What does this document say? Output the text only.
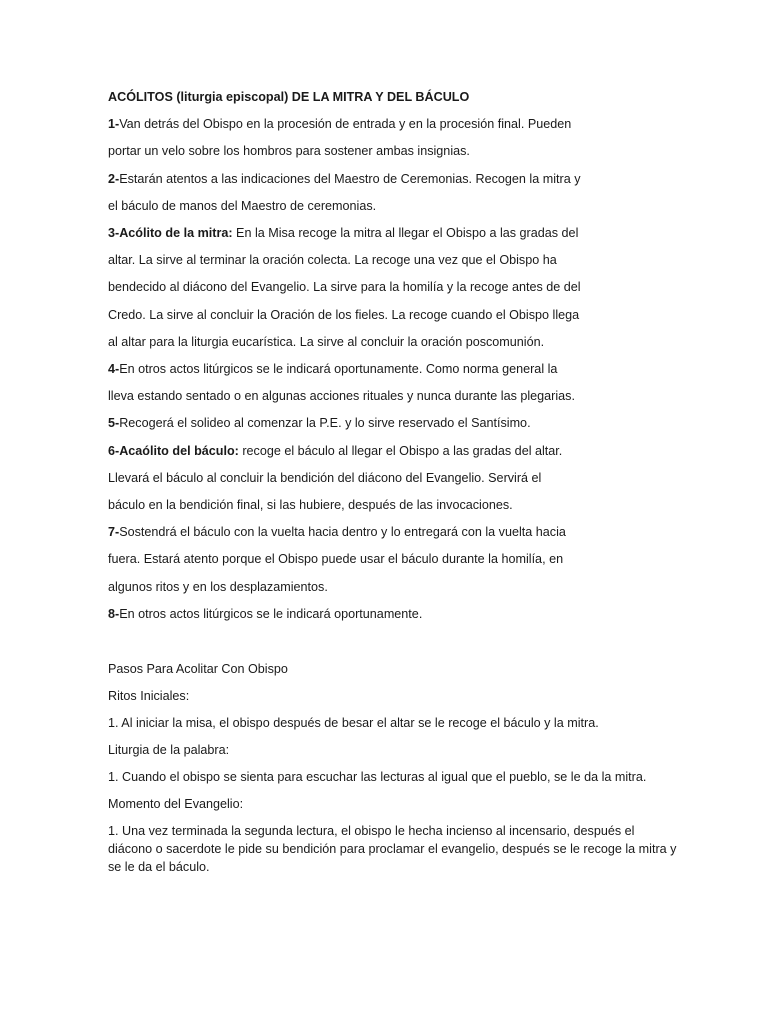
ACÓLITOS (liturgia episcopal) DE LA MITRA Y DEL BÁCULO

1-Van detrás del Obispo en la procesión de entrada y en la procesión final. Pueden

portar un velo sobre los hombros para sostener ambas insignias.

2-Estarán atentos a las indicaciones del Maestro de Ceremonias. Recogen la mitra y

el báculo de manos del Maestro de ceremonias.

3-Acólito de la mitra: En la Misa recoge la mitra al llegar el Obispo a las gradas del

altar. La sirve al terminar la oración colecta. La recoge una vez que el Obispo ha

bendecido al diácono del Evangelio. La sirve para la homilía y la recoge antes de del

Credo. La sirve al concluir la Oración de los fieles. La recoge cuando el Obispo llega

al altar para la liturgia eucarística. La sirve al concluir la oración poscomunión.

4-En otros actos litúrgicos se le indicará oportunamente. Como norma general la

lleva estando sentado o en algunas acciones rituales y nunca durante las plegarias.

5-Recogerá el solideo al comenzar la P.E. y lo sirve reservado el Santísimo.

6-Acaólito del báculo: recoge el báculo al llegar el Obispo a las gradas del altar.

Llevará el báculo al concluir la bendición del diácono del Evangelio. Servirá el

báculo en la bendición final, si las hubiere, después de las invocaciones.

7-Sostendrá el báculo con la vuelta hacia dentro y lo entregará con la vuelta hacia

fuera. Estará atento porque el Obispo puede usar el báculo durante la homilía, en

algunos ritos y en los desplazamientos.

8-En otros actos litúrgicos se le indicará oportunamente.

Pasos Para Acolitar Con Obispo

Ritos Iniciales:

1. Al iniciar la misa, el obispo después de besar el altar se le recoge el báculo y la mitra.

Liturgia de la palabra:

1. Cuando el obispo se sienta para escuchar las lecturas al igual que el pueblo, se le da la mitra.

Momento del Evangelio:

1. Una vez terminada la segunda lectura, el obispo le hecha incienso al incensario, después el diácono o sacerdote le pide su bendición para proclamar el evangelio, después se le recoge la mitra y se le da el báculo.
